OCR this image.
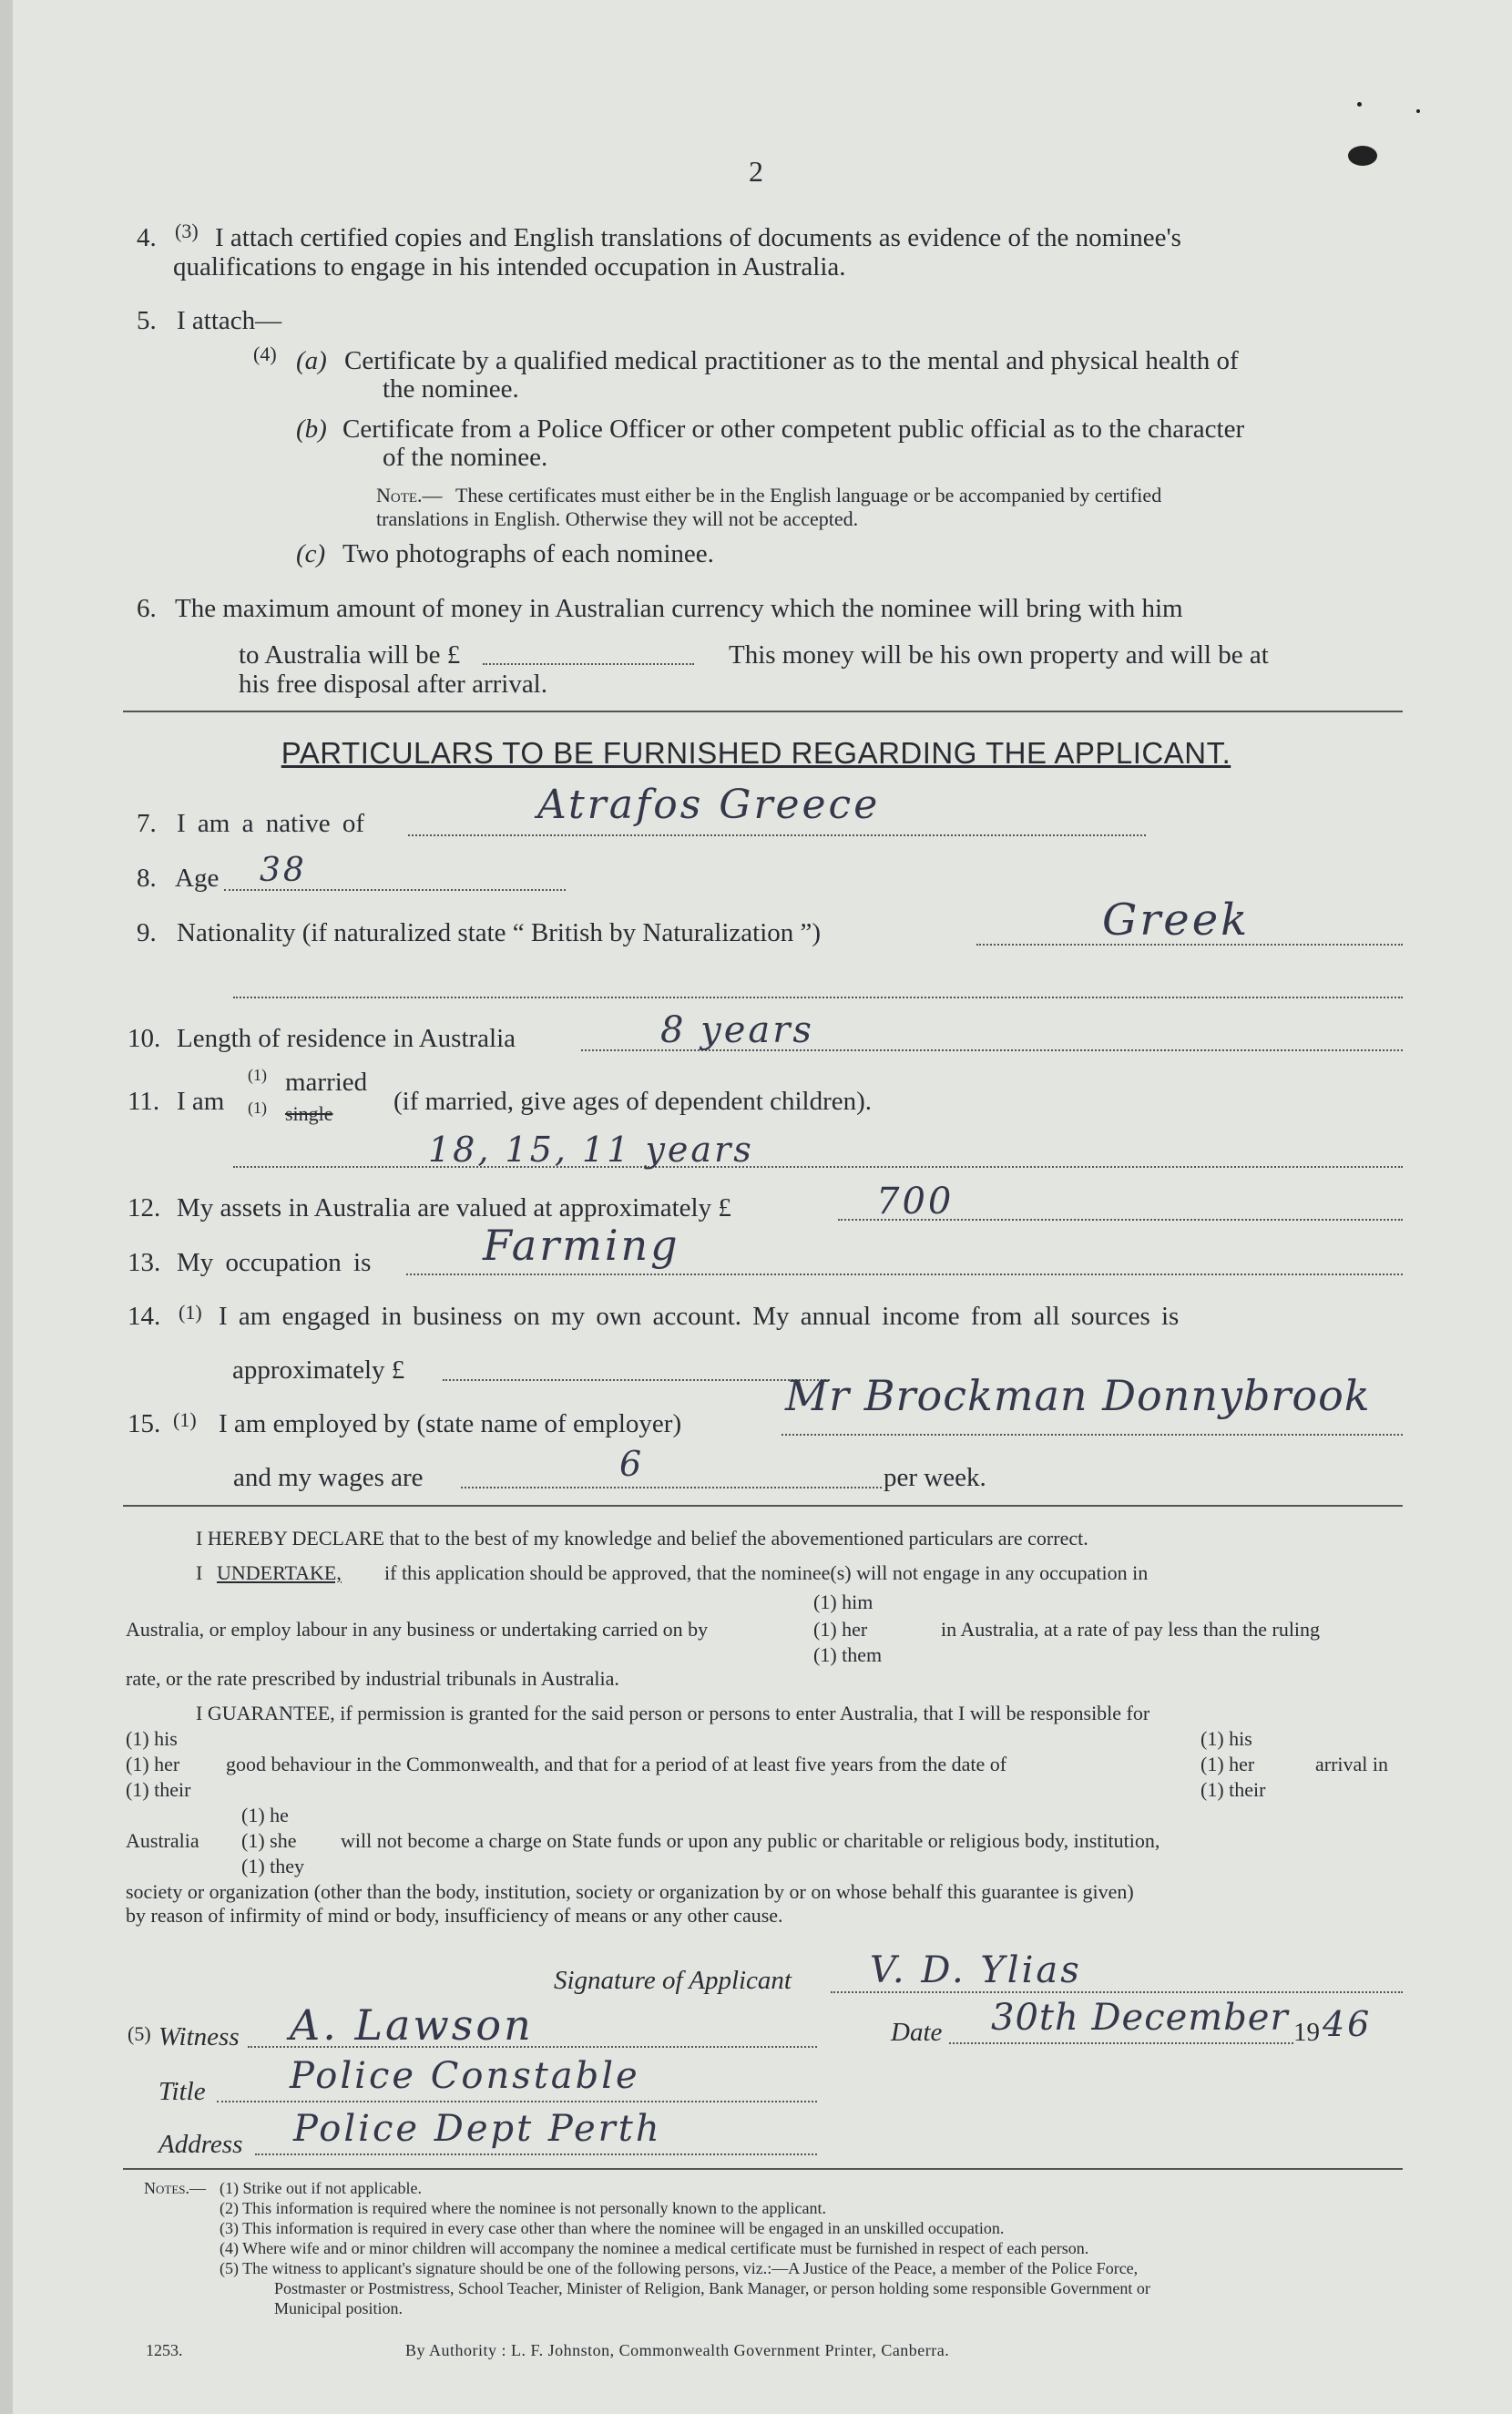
2
4. (3) I attach certified copies and English translations of documents as evidence of the nominee's
qualifications to engage in his intended occupation in Australia.
5. I attach—
(4) (a) Certificate by a qualified medical practitioner as to the mental and physical health of
the nominee.
(b) Certificate from a Police Officer or other competent public official as to the character
of the nominee.
Note.— These certificates must either be in the English language or be accompanied by certified
translations in English. Otherwise they will not be accepted.
(c) Two photographs of each nominee.
6. The maximum amount of money in Australian currency which the nominee will bring with him
to Australia will be £	This money will be his own property and will be at
his free disposal after arrival.
PARTICULARS TO BE FURNISHED REGARDING THE APPLICANT.
7. I am a native of	Atrafos Greece
8. Age 38
9. Nationality (if naturalized state “ British by Naturalization ”)	Greek
10. Length of residence in Australia	8 years
11. I am
(1) married
(1) single (if married, give ages of dependent children).
18, 15, 11 years
12. My assets in Australia are valued at approximately £	700
13. My occupation is	Farming
14. (1) I am engaged in business on my own account. My annual income from all sources is
approximately £
15. (1) I am employed by (state name of employer)
Mr Brockman Donnybrook
and my wages are	6	per week.
I HEREBY DECLARE that to the best of my knowledge and belief the abovementioned particulars are correct.
I UNDERTAKE, if this application should be approved, that the nominee(s) will not engage in any occupation in
Australia, or employ labour in any business or undertaking carried on by
(1) him
(1) her
(1) them
in Australia, at a rate of pay less than the ruling
rate, or the rate prescribed by industrial tribunals in Australia.
I GUARANTEE, if permission is granted for the said person or persons to enter Australia, that I will be responsible for
(1) his
(1) her
(1) their
good behaviour in the Commonwealth, and that for a period of at least five years from the date of
(1) his
(1) her
(1) their
arrival in
Australia
(1) he
(1) she
(1) they
will not become a charge on State funds or upon any public or charitable or religious body, institution,
society or organization (other than the body, institution, society or organization by or on whose behalf this guarantee is given)
by reason of infirmity of mind or body, insufficiency of means or any other cause.
Signature of Applicant V. D. Ylias
(5) Witness A. Lawson	Date 30th December 19 46
Title Police Constable
Address Police Dept Perth
Notes.— (1) Strike out if not applicable.
(2) This information is required where the nominee is not personally known to the applicant.
(3) This information is required in every case other than where the nominee will be engaged in an unskilled occupation.
(4) Where wife and or minor children will accompany the nominee a medical certificate must be furnished in respect of each person.
(5) The witness to applicant's signature should be one of the following persons, viz.:—A Justice of the Peace, a member of the Police Force,
Postmaster or Postmistress, School Teacher, Minister of Religion, Bank Manager, or person holding some responsible Government or
Municipal position.
1253.	By Authority : L. F. Johnston, Commonwealth Government Printer, Canberra.
